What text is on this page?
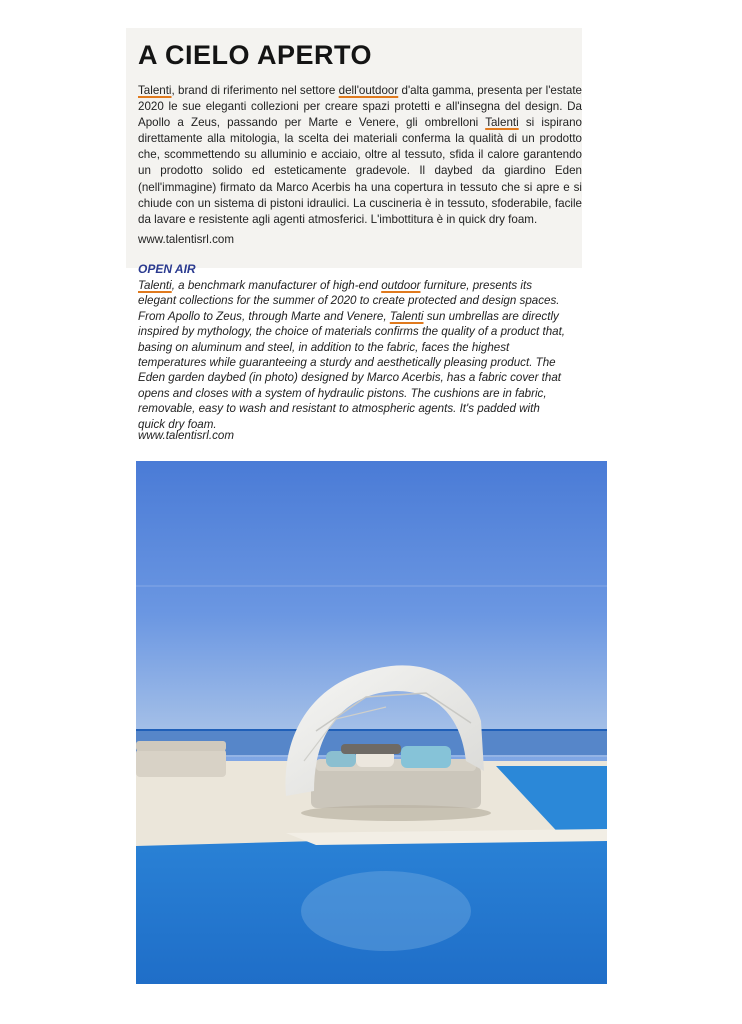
A CIELO APERTO

Talenti, brand di riferimento nel settore dell'outdoor d'alta gamma, presenta per l'estate 2020 le sue eleganti collezioni per creare spazi protetti e all'insegna del design. Da Apollo a Zeus, passando per Marte e Venere, gli ombrelloni Talenti si ispirano direttamente alla mitologia, la scelta dei materiali conferma la qualità di un prodotto che, scommettendo su alluminio e acciaio, oltre al tessuto, sfida il calore garantendo un prodotto solido ed esteticamente gradevole. Il daybed da giardino Eden (nell'immagine) firmato da Marco Acerbis ha una copertura in tessuto che si apre e si chiude con un sistema di pistoni idraulici. La cuscineria è in tessuto, sfoderabile, facile da lavare e resistente agli agenti atmosferici. L'imbottitura è in quick dry foam.

www.talentisrl.com
OPEN AIR

Talenti, a benchmark manufacturer of high-end outdoor furniture, presents its elegant collections for the summer of 2020 to create protected and design spaces. From Apollo to Zeus, through Marte and Venere, Talenti sun umbrellas are directly inspired by mythology, the choice of materials confirms the quality of a product that, basing on aluminum and steel, in addition to the fabric, faces the highest temperatures while guaranteeing a sturdy and aesthetically pleasing product. The Eden garden daybed (in photo) designed by Marco Acerbis, has a fabric cover that opens and closes with a system of hydraulic pistons. The cushions are in fabric, removable, easy to wash and resistant to atmospheric agents. It's padded with quick dry foam.

www.talentisrl.com
